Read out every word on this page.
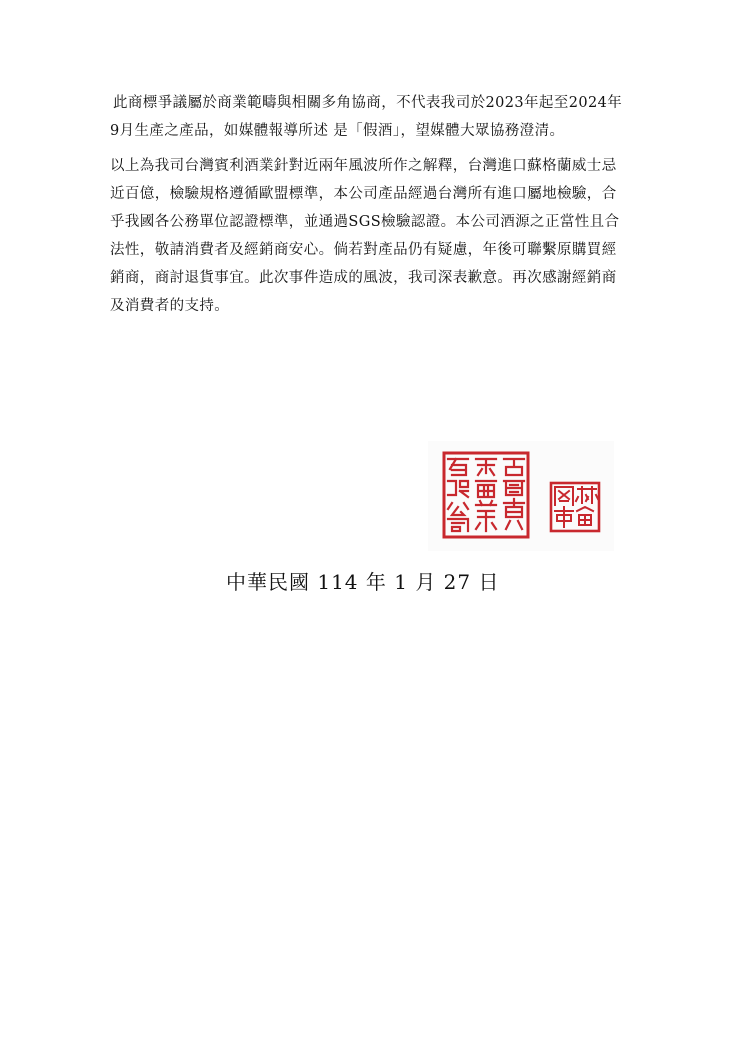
此商標爭議屬於商業範疇與相關多角協商，不代表我司於2023年起至2024年
9月生產之產品，如媒體報導所述 是「假酒」，望媒體大眾協務澄清。
以上為我司台灣賓利酒業針對近兩年風波所作之解釋，台灣進口蘇格蘭威士忌
近百億，檢驗規格遵循歐盟標準，本公司產品經過台灣所有進口屬地檢驗，合
乎我國各公務單位認證標準，並通過SGS檢驗認證。本公司酒源之正當性且合
法性，敬請消費者及經銷商安心。倘若對產品仍有疑慮，年後可聯繫原購買經
銷商，商討退貨事宜。此次事件造成的風波，我司深表歉意。再次感謝經銷商
及消費者的支持。
中華民國 114 年 1 月 27 日
